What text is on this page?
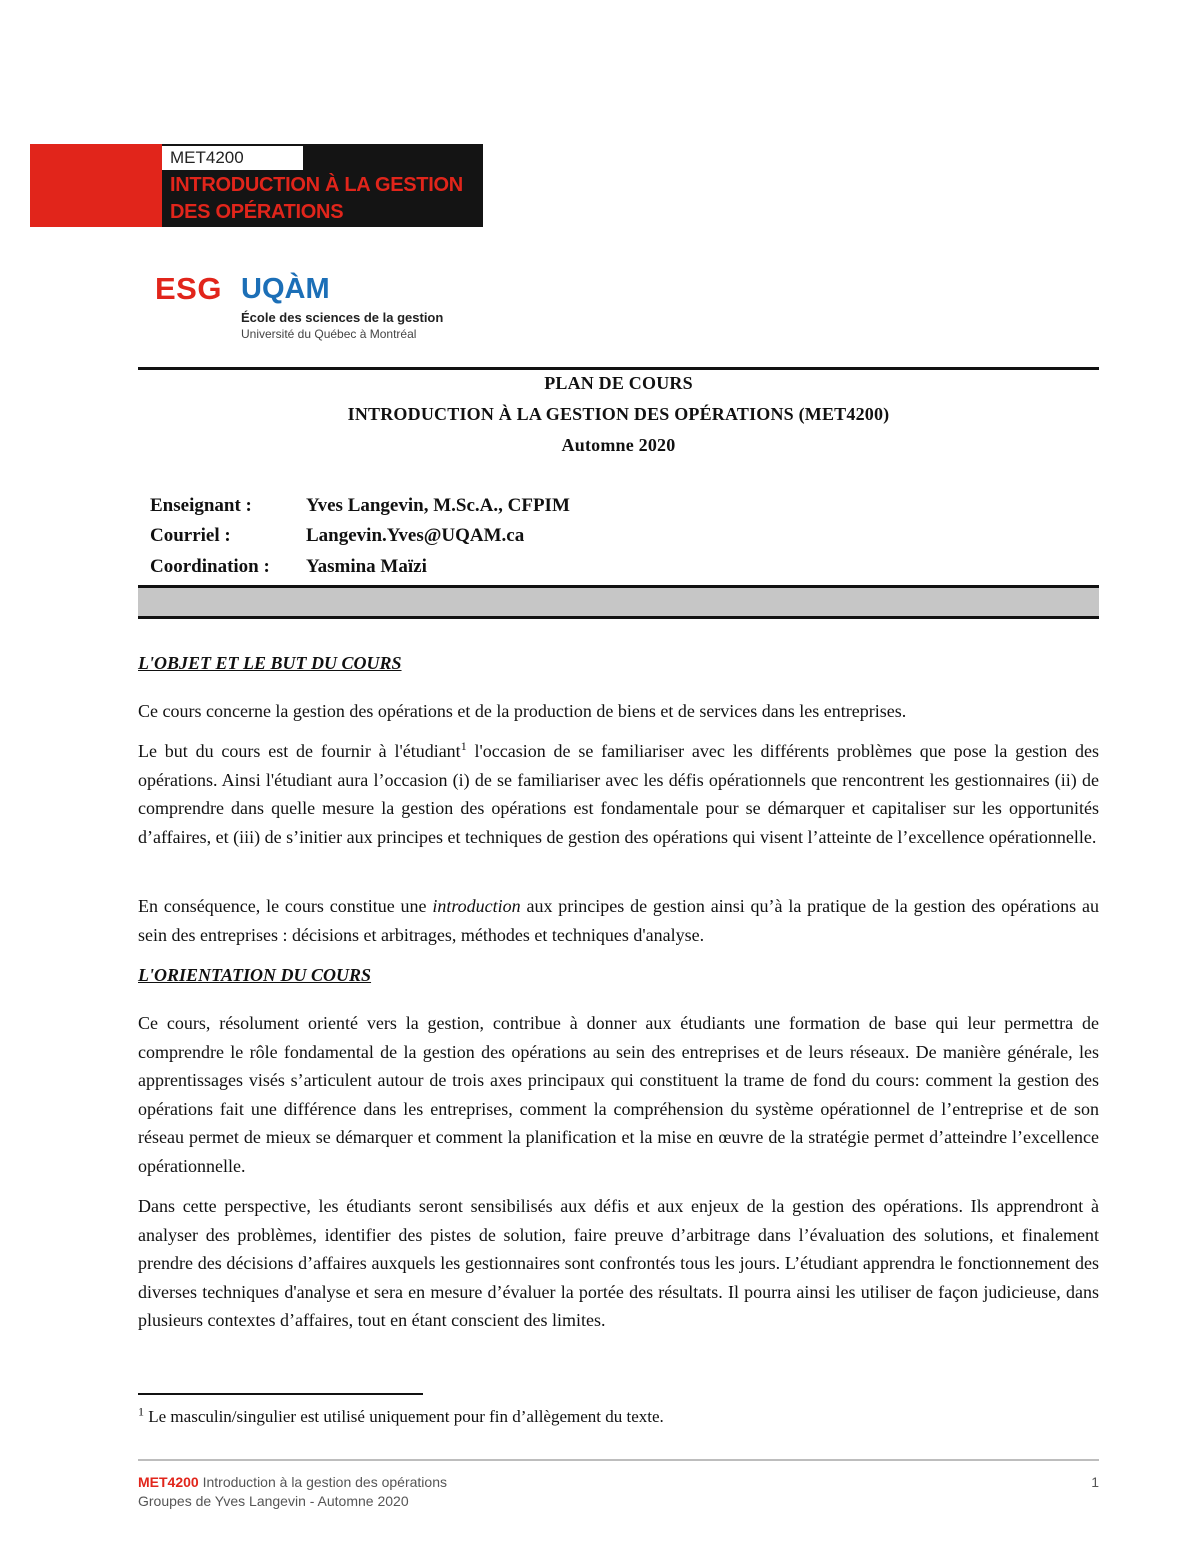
MET4200
INTRODUCTION À LA GESTION
DES OPÉRATIONS
ESG UQÀM
École des sciences de la gestion
Université du Québec à Montréal
PLAN DE COURS
INTRODUCTION À LA GESTION DES OPÉRATIONS (MET4200)
Automne 2020
Enseignant :	Yves Langevin, M.Sc.A., CFPIM
Courriel :	Langevin.Yves@UQAM.ca
Coordination : Yasmina Maïzi
L'OBJET ET LE BUT DU COURS
Ce cours concerne la gestion des opérations et de la production de biens et de services dans les entreprises.
Le but du cours est de fournir à l'étudiant$^1$ l'occasion de se familiariser avec les différents problèmes que pose la gestion des opérations. Ainsi l'étudiant aura l’occasion (i) de se familiariser avec les défis opérationnels que rencontrent les gestionnaires (ii) de comprendre dans quelle mesure la gestion des opérations est fondamentale pour se démarquer et capitaliser sur les opportunités d’affaires, et (iii) de s’initier aux principes et techniques de gestion des opérations qui visent l’atteinte de l’excellence opérationnelle.
En conséquence, le cours constitue une introduction aux principes de gestion ainsi qu’à la pratique de la gestion des opérations au sein des entreprises : décisions et arbitrages, méthodes et techniques d'analyse.
L'ORIENTATION DU COURS
Ce cours, résolument orienté vers la gestion, contribue à donner aux étudiants une formation de base qui leur permettra de comprendre le rôle fondamental de la gestion des opérations au sein des entreprises et de leurs réseaux. De manière générale, les apprentissages visés s’articulent autour de trois axes principaux qui constituent la trame de fond du cours: comment la gestion des opérations fait une différence dans les entreprises, comment la compréhension du système opérationnel de l’entreprise et de son réseau permet de mieux se démarquer et comment la planification et la mise en œuvre de la stratégie permet d’atteindre l’excellence opérationnelle.
Dans cette perspective, les étudiants seront sensibilisés aux défis et aux enjeux de la gestion des opérations. Ils apprendront à analyser des problèmes, identifier des pistes de solution, faire preuve d’arbitrage dans l’évaluation des solutions, et finalement prendre des décisions d’affaires auxquels les gestionnaires sont confrontés tous les jours. L’étudiant apprendra le fonctionnement des diverses techniques d'analyse et sera en mesure d’évaluer la portée des résultats. Il pourra ainsi les utiliser de façon judicieuse, dans plusieurs contextes d’affaires, tout en étant conscient des limites.
$^1$ Le masculin/singulier est utilisé uniquement pour fin d’allègement du texte.
MET4200 Introduction à la gestion des opérations
Groupes de Yves Langevin - Automne 2020
1
